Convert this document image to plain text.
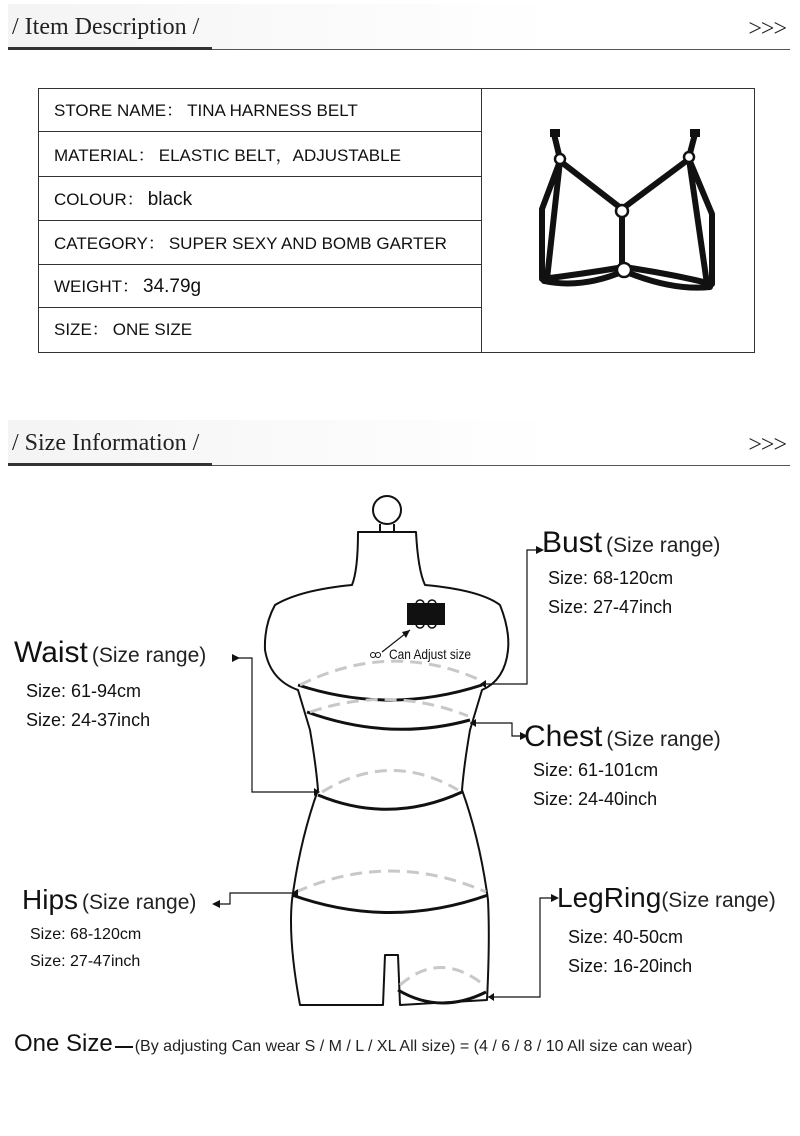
/ Item Description /	>>>
STORE NAME： TINA HARNESS BELT
MATERIAL： ELASTIC BELT，ADJUSTABLE
COLOUR： black
CATEGORY： SUPER SEXY AND BOMB GARTER
WEIGHT： 34.79g
SIZE： ONE SIZE
/ Size Information /	>>>
Can Adjust size
Bust (Size range)
Size: 68-120cm
Size: 27-47inch
Waist (Size range)
Size: 61-94cm
Size: 24-37inch	Chest (Size range)
Size: 61-101cm
Size: 24-40inch
Hips (Size range)
Size: 68-120cm
Size: 27-47inch
LegRing(Size range)
Size: 40-50cm
Size: 16-20inch
One Size (By adjusting Can wear S / M / L / XL All size) = (4 / 6 / 8 / 10 All size can wear)
